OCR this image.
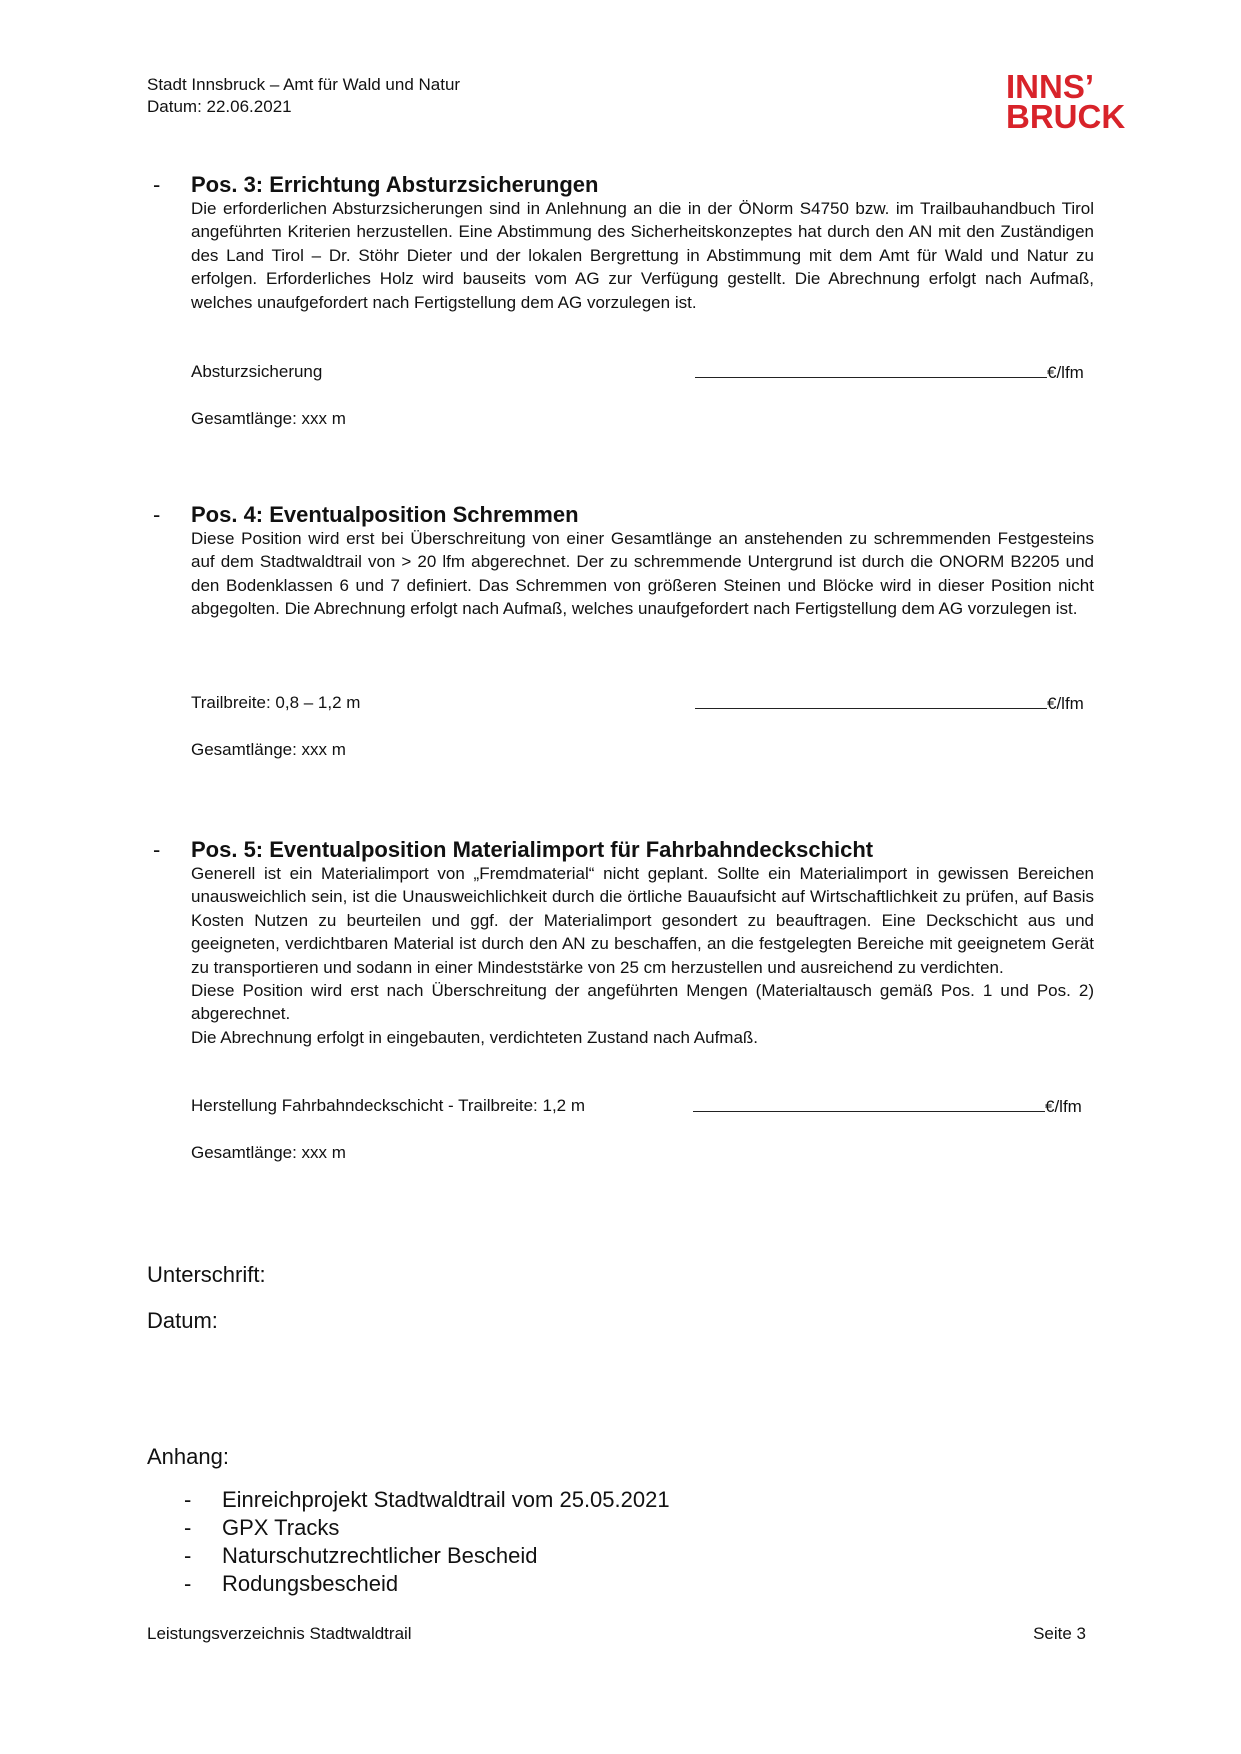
Stadt Innsbruck – Amt für Wald und Natur
Datum: 22.06.2021
INNS’
BRUCK
- Pos. 3: Errichtung Absturzsicherungen

Die erforderlichen Absturzsicherungen sind in Anlehnung an die in der ÖNorm S4750 bzw. im Trailbauhandbuch Tirol angeführten Kriterien herzustellen. Eine Abstimmung des Sicherheitskonzeptes hat durch den AN mit den Zuständigen des Land Tirol – Dr. Stöhr Dieter und der lokalen Bergrettung in Abstimmung mit dem Amt für Wald und Natur zu erfolgen. Erforderliches Holz wird bauseits vom AG zur Verfügung gestellt. Die Abrechnung erfolgt nach Aufmaß, welches unaufgefordert nach Fertigstellung dem AG vorzulegen ist.

Absturzsicherung	€/lfm
Gesamtlänge: xxx m
- Pos. 4: Eventualposition Schremmen

Diese Position wird erst bei Überschreitung von einer Gesamtlänge an anstehenden zu schremmenden Festgesteins auf dem Stadtwaldtrail von > 20 lfm abgerechnet. Der zu schremmende Untergrund ist durch die ONORM B2205 und den Bodenklassen 6 und 7 definiert. Das Schremmen von größeren Steinen und Blöcke wird in dieser Position nicht abgegolten. Die Abrechnung erfolgt nach Aufmaß, welches unaufgefordert nach Fertigstellung dem AG vorzulegen ist.

Trailbreite: 0,8 – 1,2 m	€/lfm
Gesamtlänge: xxx m
- Pos. 5: Eventualposition Materialimport für Fahrbahndeckschicht

Generell ist ein Materialimport von „Fremdmaterial“ nicht geplant. Sollte ein Materialimport in gewissen Bereichen unausweichlich sein, ist die Unausweichlichkeit durch die örtliche Bauaufsicht auf Wirtschaftlichkeit zu prüfen, auf Basis Kosten Nutzen zu beurteilen und ggf. der Materialimport gesondert zu beauftragen. Eine Deckschicht aus und geeigneten, verdichtbaren Material ist durch den AN zu beschaffen, an die festgelegten Bereiche mit geeignetem Gerät zu transportieren und sodann in einer Mindeststärke von 25 cm herzustellen und ausreichend zu verdichten.

Diese Position wird erst nach Überschreitung der angeführten Mengen (Materialtausch gemäß Pos. 1 und Pos. 2) abgerechnet.

Die Abrechnung erfolgt in eingebauten, verdichteten Zustand nach Aufmaß.

Herstellung Fahrbahndeckschicht - Trailbreite: 1,2 m	€/lfm
Gesamtlänge: xxx m
Unterschrift:
Datum:
Anhang:
- Einreichprojekt Stadtwaldtrail vom 25.05.2021
- GPX Tracks
- Naturschutzrechtlicher Bescheid
- Rodungsbescheid
Leistungsverzeichnis Stadtwaldtrail	Seite 3
